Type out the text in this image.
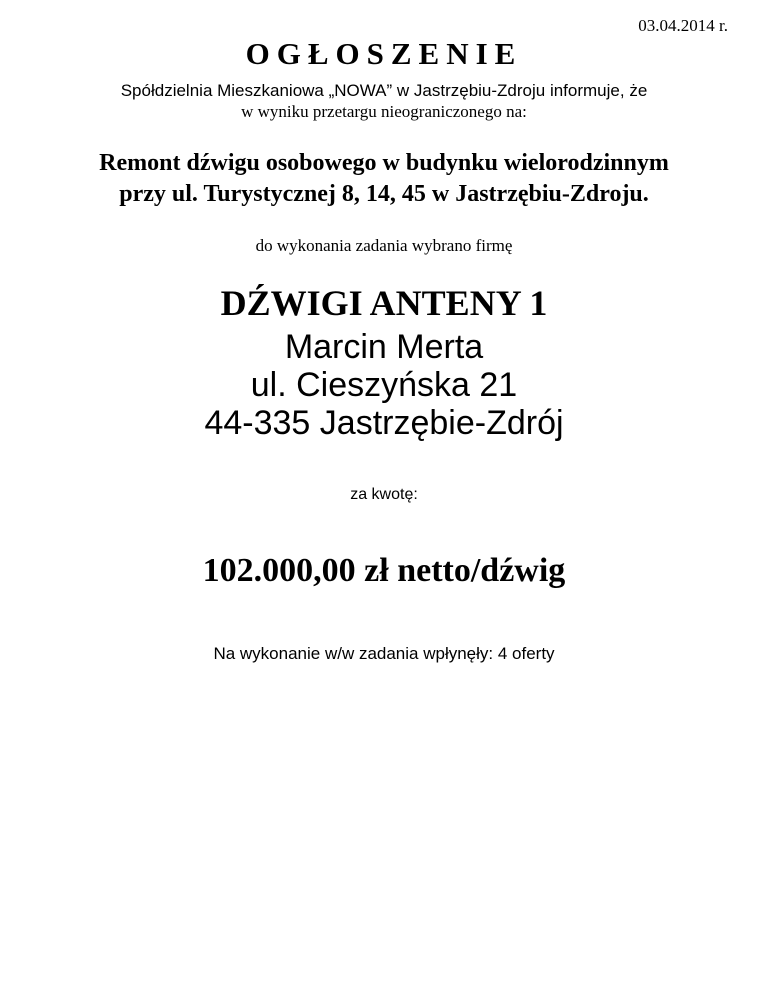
03.04.2014 r.
OGŁOSZENIE
Spółdzielnia Mieszkaniowa „NOWA” w Jastrzębiu-Zdroju informuje, że
w wyniku przetargu nieograniczonego na:
Remont dźwigu osobowego w budynku wielorodzinnym
przy ul. Turystycznej 8, 14, 45 w Jastrzębiu-Zdroju.
do wykonania zadania wybrano firmę
DŹWIGI ANTENY 1
Marcin Merta
ul. Cieszyńska 21
44-335 Jastrzębie-Zdrój
za kwotę:
102.000,00 zł netto/dźwig
Na wykonanie w/w zadania wpłynęły: 4 oferty
